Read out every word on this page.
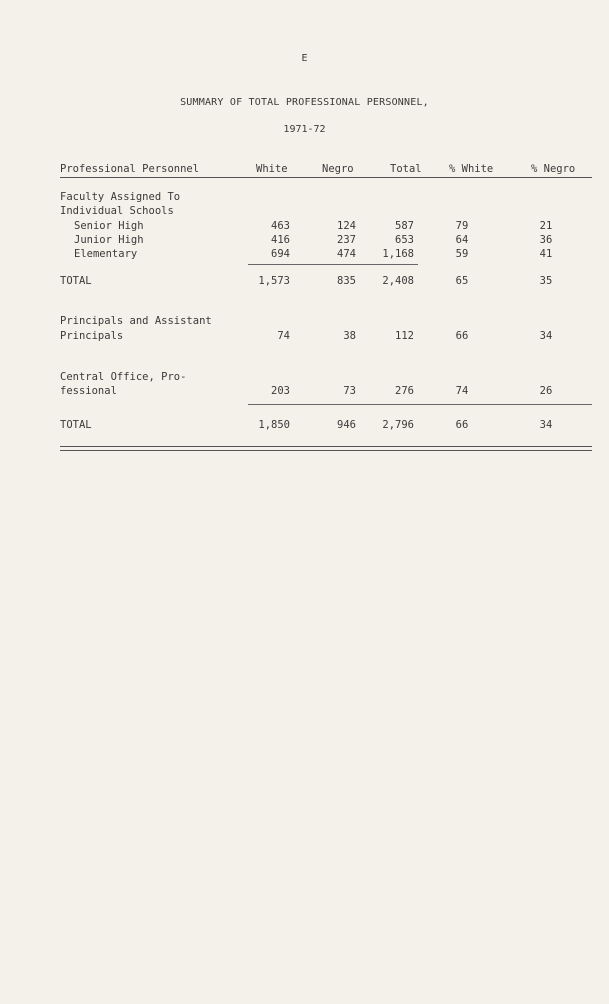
E
SUMMARY OF TOTAL PROFESSIONAL PERSONNEL,
1971-72
Professional Personnel	White	Negro	Total	% White	% Negro
Faculty Assigned To
Individual Schools
Senior High	463	124	587	79	21
Junior High	416	237	653	64	36
Elementary	694	474	1,168	59	41
TOTAL	1,573	835	2,408	65	35
Principals and Assistant
Principals	74	38	112	66	34
Central Office, Pro-
fessional	203	73	276	74	26
TOTAL	1,850	946	2,796	66	34
